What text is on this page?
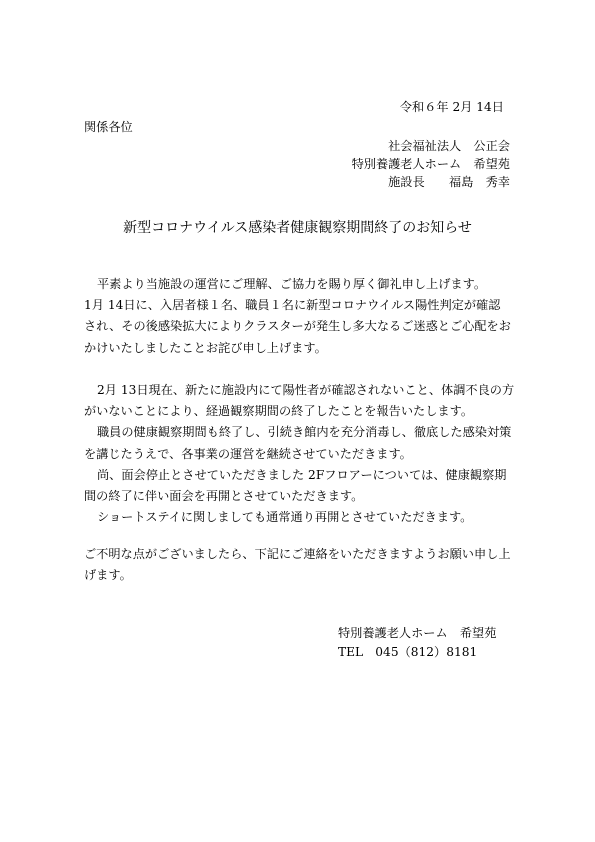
令和６年 2月 14日
関係各位
社会福祉法人　公正会
特別養護老人ホーム　希望苑
施設長　　福島　秀幸
新型コロナウイルス感染者健康観察期間終了のお知らせ
平素より当施設の運営にご理解、ご協力を賜り厚く御礼申し上げます。
1月 14日に、入居者様１名、職員１名に新型コロナウイルス陽性判定が確認
され、その後感染拡大によりクラスターが発生し多大なるご迷惑とご心配をお
かけいたしましたことお詫び申し上げます。
2月 13日現在、新たに施設内にて陽性者が確認されないこと、体調不良の方
がいないことにより、経過観察期間の終了したことを報告いたします。
職員の健康観察期間も終了し、引続き館内を充分消毒し、徹底した感染対策
を講じたうえで、各事業の運営を継続させていただきます。
尚、面会停止とさせていただきました 2Fフロアーについては、健康観察期
間の終了に伴い面会を再開とさせていただきます。
ショートステイに関しましても通常通り再開とさせていただきます。
ご不明な点がございましたら、下記にご連絡をいただきますようお願い申し上
げます。
特別養護老人ホーム　希望苑
TEL　045（812）8181
